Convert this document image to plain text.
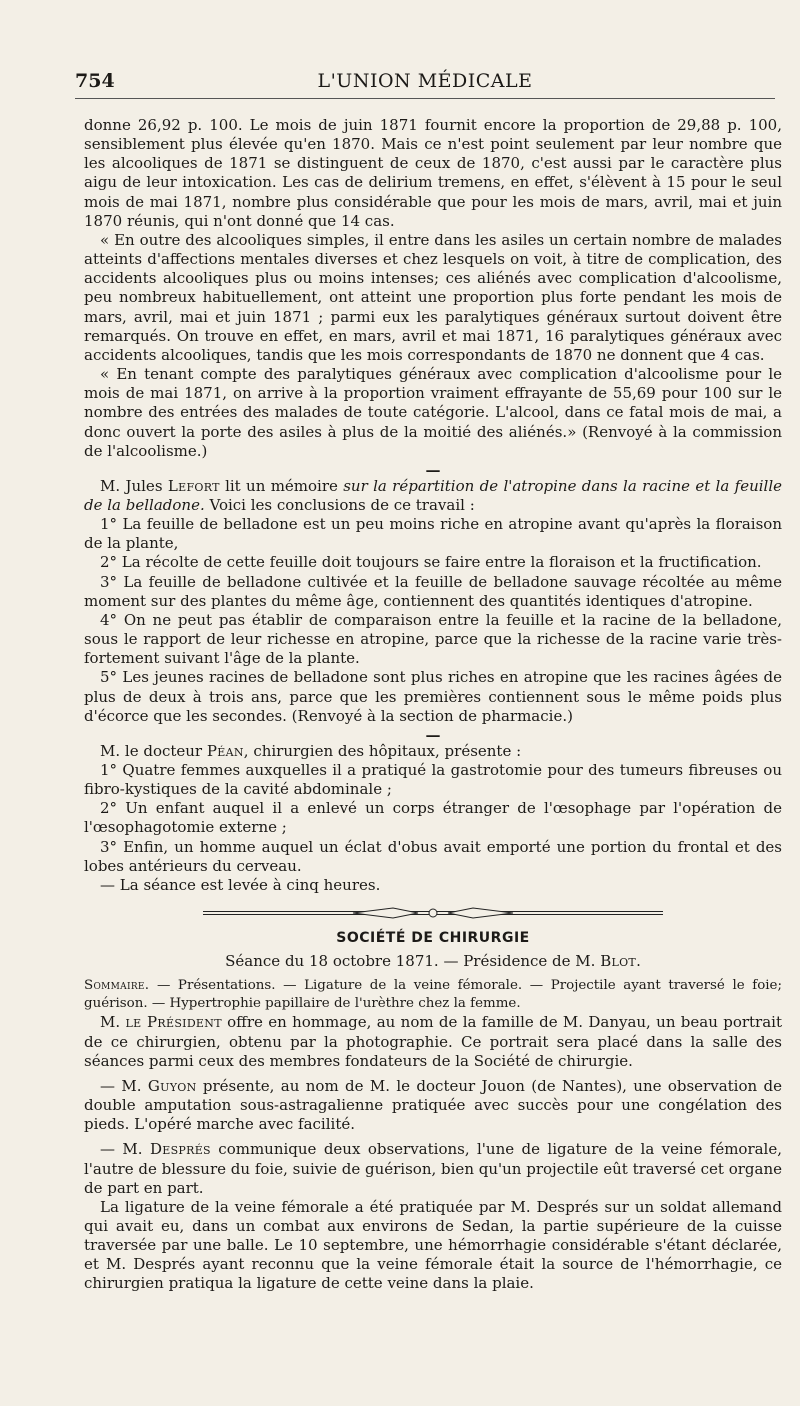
754	L'UNION MÉDICALE

donne 26,92 p. 100. Le mois de juin 1871 fournit encore la proportion de 29,88 p. 100, sensiblement plus élevée qu'en 1870. Mais ce n'est point seulement par leur nombre que les alcooliques de 1871 se distinguent de ceux de 1870, c'est aussi par le caractère plus aigu de leur intoxication. Les cas de delirium tremens, en effet, s'élèvent à 15 pour le seul mois de mai 1871, nombre plus considérable que pour les mois de mars, avril, mai et juin 1870 réunis, qui n'ont donné que 14 cas.

« En outre des alcooliques simples, il entre dans les asiles un certain nombre de malades atteints d'affections mentales diverses et chez lesquels on voit, à titre de complication, des accidents alcooliques plus ou moins intenses; ces aliénés avec complication d'alcoolisme, peu nombreux habituellement, ont atteint une proportion plus forte pendant les mois de mars, avril, mai et juin 1871 ; parmi eux les paralytiques généraux surtout doivent être remarqués. On trouve en effet, en mars, avril et mai 1871, 16 paralytiques généraux avec accidents alcooliques, tandis que les mois correspondants de 1870 ne donnent que 4 cas.

« En tenant compte des paralytiques généraux avec complication d'alcoolisme pour le mois de mai 1871, on arrive à la proportion vraiment effrayante de 55,69 pour 100 sur le nombre des entrées des malades de toute catégorie. L'alcool, dans ce fatal mois de mai, a donc ouvert la porte des asiles à plus de la moitié des aliénés.» (Renvoyé à la commission de l'alcoolisme.)

—

M. Jules Lefort lit un mémoire sur la répartition de l'atropine dans la racine et la feuille de la belladone. Voici les conclusions de ce travail :

1° La feuille de belladone est un peu moins riche en atropine avant qu'après la floraison de la plante,

2° La récolte de cette feuille doit toujours se faire entre la floraison et la fructification.

3° La feuille de belladone cultivée et la feuille de belladone sauvage récoltée au même moment sur des plantes du même âge, contiennent des quantités identiques d'atropine.

4° On ne peut pas établir de comparaison entre la feuille et la racine de la belladone, sous le rapport de leur richesse en atropine, parce que la richesse de la racine varie très-fortement suivant l'âge de la plante.

5° Les jeunes racines de belladone sont plus riches en atropine que les racines âgées de plus de deux à trois ans, parce que les premières contiennent sous le même poids plus d'écorce que les secondes. (Renvoyé à la section de pharmacie.)

—

M. le docteur Péan, chirurgien des hôpitaux, présente :

1° Quatre femmes auxquelles il a pratiqué la gastrotomie pour des tumeurs fibreuses ou fibro-kystiques de la cavité abdominale ;

2° Un enfant auquel il a enlevé un corps étranger de l'œsophage par l'opération de l'œsophagotomie externe ;

3° Enfin, un homme auquel un éclat d'obus avait emporté une portion du frontal et des lobes antérieurs du cerveau.

— La séance est levée à cinq heures.

SOCIÉTÉ DE CHIRURGIE
Séance du 18 octobre 1871. — Présidence de M. Blot.

Sommaire. — Présentations. — Ligature de la veine fémorale. — Projectile ayant traversé le foie; guérison. — Hypertrophie papillaire de l'urèthre chez la femme.

M. le Président offre en hommage, au nom de la famille de M. Danyau, un beau portrait de ce chirurgien, obtenu par la photographie. Ce portrait sera placé dans la salle des séances parmi ceux des membres fondateurs de la Société de chirurgie.

— M. Guyon présente, au nom de M. le docteur Jouon (de Nantes), une observation de double amputation sous-astragalienne pratiquée avec succès pour une congélation des pieds. L'opéré marche avec facilité.

— M. Després communique deux observations, l'une de ligature de la veine fémorale, l'autre de blessure du foie, suivie de guérison, bien qu'un projectile eût traversé cet organe de part en part.

La ligature de la veine fémorale a été pratiquée par M. Després sur un soldat allemand qui avait eu, dans un combat aux environs de Sedan, la partie supérieure de la cuisse traversée par une balle. Le 10 septembre, une hémorrhagie considérable s'étant déclarée, et M. Després ayant reconnu que la veine fémorale était la source de l'hémorrhagie, ce chirurgien pratiqua la ligature de cette veine dans la plaie.
